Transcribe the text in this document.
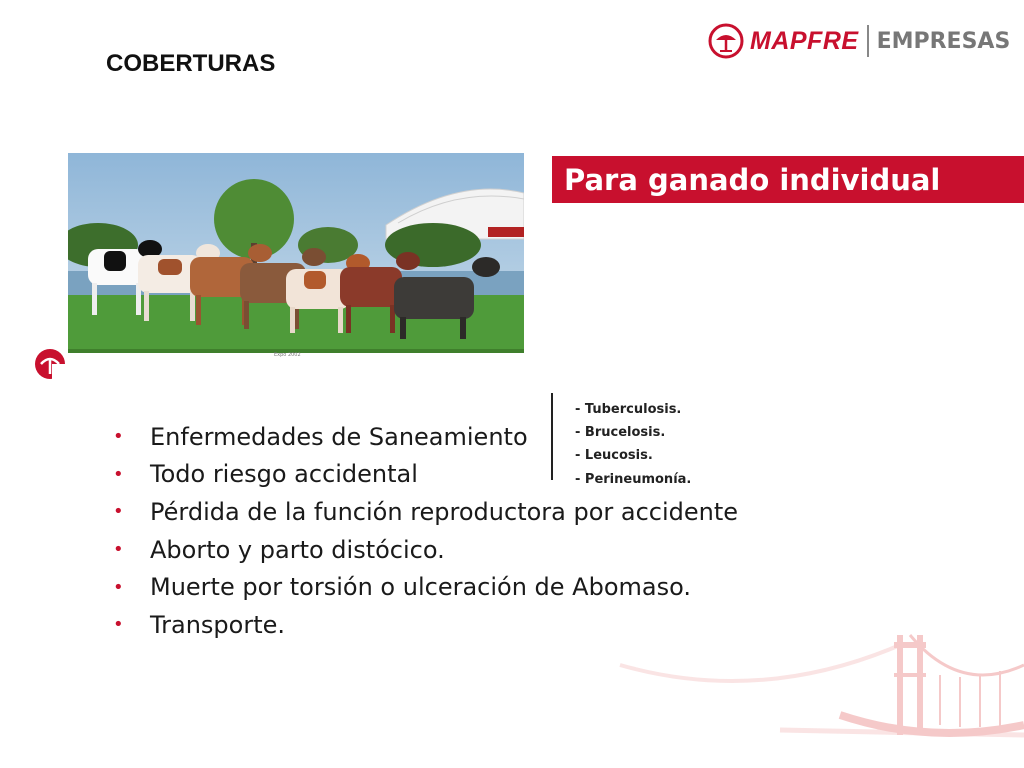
COBERTURAS
MAPFRE EMPRESAS
Expo 2002
Para ganado individual
•	Enfermedades de Saneamiento
•	Todo riesgo accidental
•	Pérdida de la función reproductora por accidente
•	Aborto y parto distócico.
•	Muerte por torsión o ulceración de Abomaso.
•	Transporte.
- Tuberculosis.
- Brucelosis.
- Leucosis.
- Perineumonía.
